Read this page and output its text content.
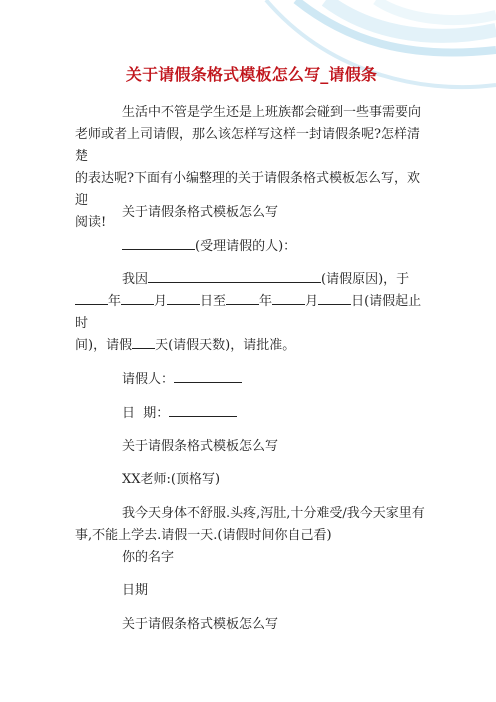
关于请假条格式模板怎么写_请假条
生活中不管是学生还是上班族都会碰到一些事需要向
老师或者上司请假，那么该怎样写这样一封请假条呢?怎样清楚
的表达呢?下面有小编整理的关于请假条格式模板怎么写，欢迎
阅读!
关于请假条格式模板怎么写
(受理请假的人)：
我因	(请假原因)，于
年	月	日至	年	月	日(请假起止时
间)，请假 天(请假天数)，请批准。
请假人：
日  期：
关于请假条格式模板怎么写
XX老师:(顶格写)
我今天身体不舒服.头疼,泻肚,十分难受/我今天家里有
事,不能上学去.请假一天.(请假时间你自己看)
你的名字
日期
关于请假条格式模板怎么写
